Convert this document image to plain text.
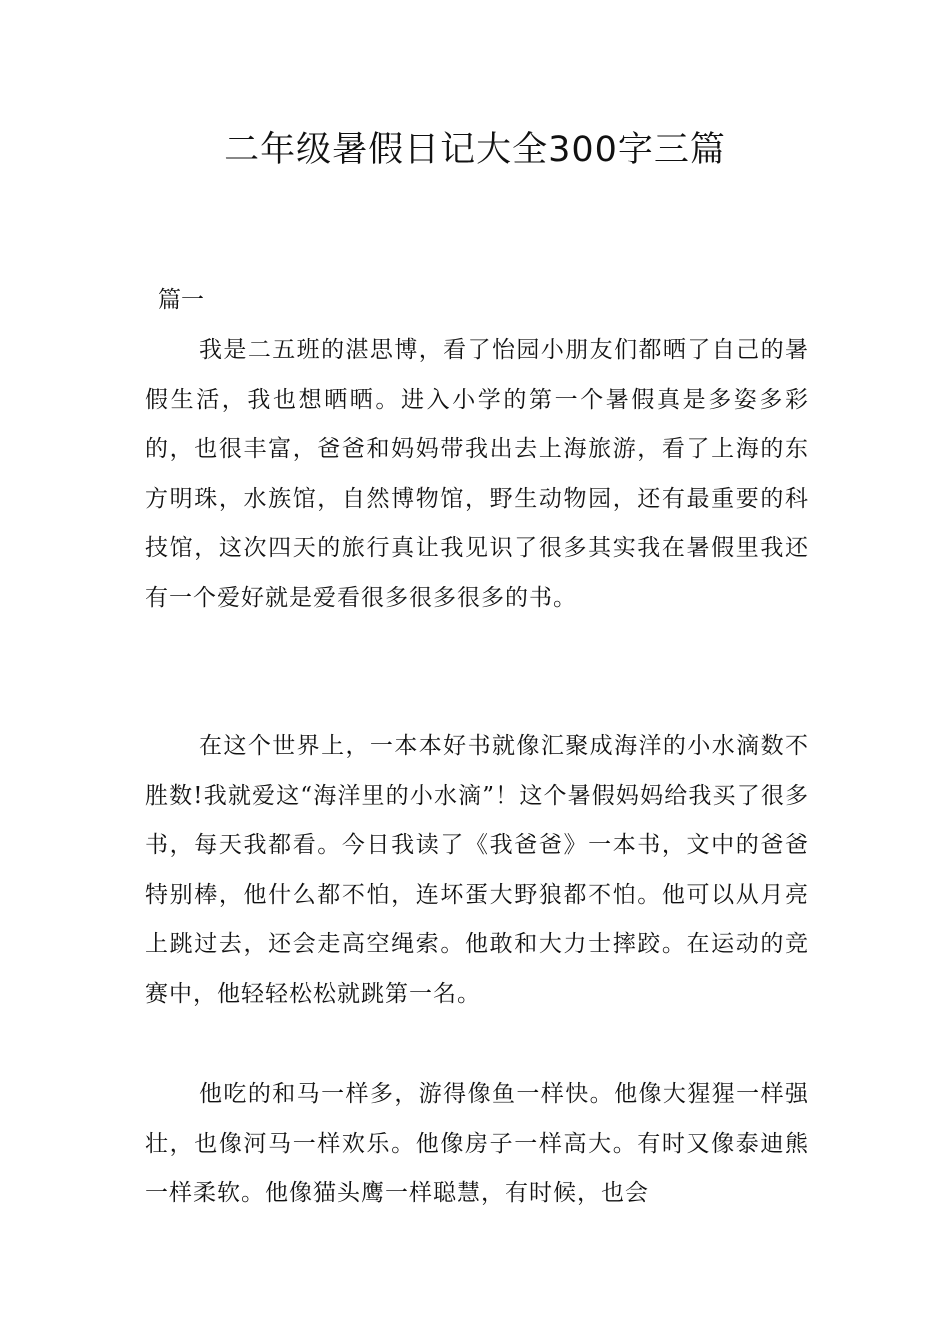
二年级暑假日记大全300字三篇

篇一

我是二五班的湛思博，看了怡园小朋友们都晒了自己的暑假生活，我也想晒晒。进入小学的第一个暑假真是多姿多彩的，也很丰富，爸爸和妈妈带我出去上海旅游，看了上海的东方明珠，水族馆，自然博物馆，野生动物园，还有最重要的科技馆，这次四天的旅行真让我见识了很多其实我在暑假里我还有一个爱好就是爱看很多很多很多的书。

在这个世界上，一本本好书就像汇聚成海洋的小水滴数不胜数!我就爱这“海洋里的小水滴”！这个暑假妈妈给我买了很多书，每天我都看。今日我读了《我爸爸》一本书，文中的爸爸特别棒，他什么都不怕，连坏蛋大野狼都不怕。他可以从月亮上跳过去，还会走高空绳索。他敢和大力士摔跤。在运动的竞赛中，他轻轻松松就跳第一名。

他吃的和马一样多，游得像鱼一样快。他像大猩猩一样强壮，也像河马一样欢乐。他像房子一样高大。有时又像泰迪熊一样柔软。他像猫头鹰一样聪慧，有时候，也会
